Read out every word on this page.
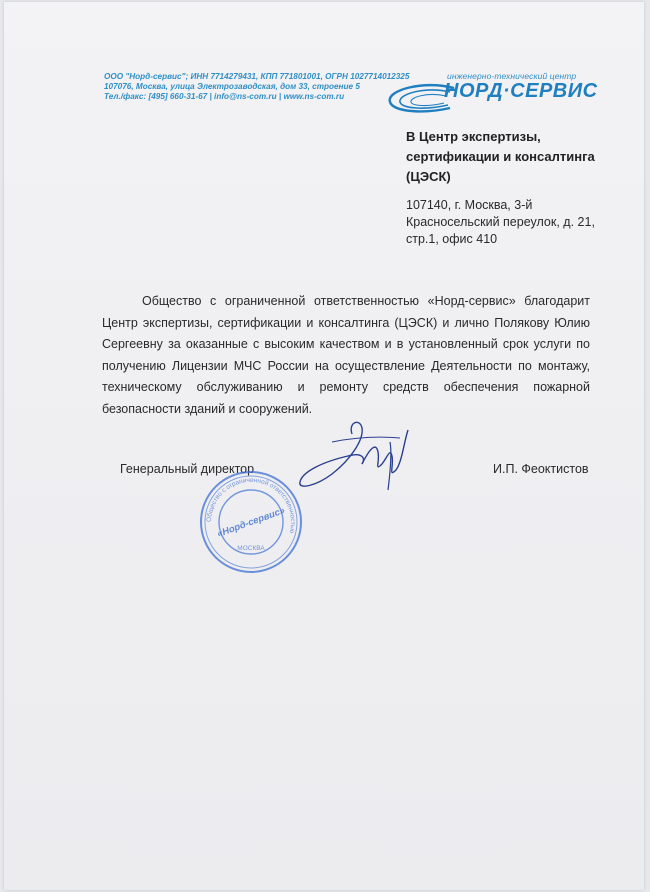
ООО "Норд-сервис"; ИНН 7714279431, КПП 771801001, ОГРН 1027714012325
107076, Москва, улица Электрозаводская, дом 33, строение 5
Тел./факс: [495] 660-31-67 | info@ns-com.ru | www.ns-com.ru
инженерно-технический центр
НОРД·СЕРВИС
В Центр экспертизы,
сертификации и консалтинга
(ЦЭСК)
107140, г. Москва, 3-й
Красносельский переулок, д. 21,
стр.1, офис 410
Общество с ограниченной ответственностью «Норд-сервис» благодарит Центр экспертизы, сертификации и консалтинга (ЦЭСК) и лично Полякову Юлию Сергеевну за оказанные с высоким качеством и в установленный срок услуги по получению Лицензии МЧС России на осуществление Деятельности по монтажу, техническому обслуживанию и ремонту средств обеспечения пожарной безопасности зданий и сооружений.
Генеральный директор	И.П. Феоктистов
Общество с ограниченной ответственностью
«Норд-сервис»
МОСКВА
